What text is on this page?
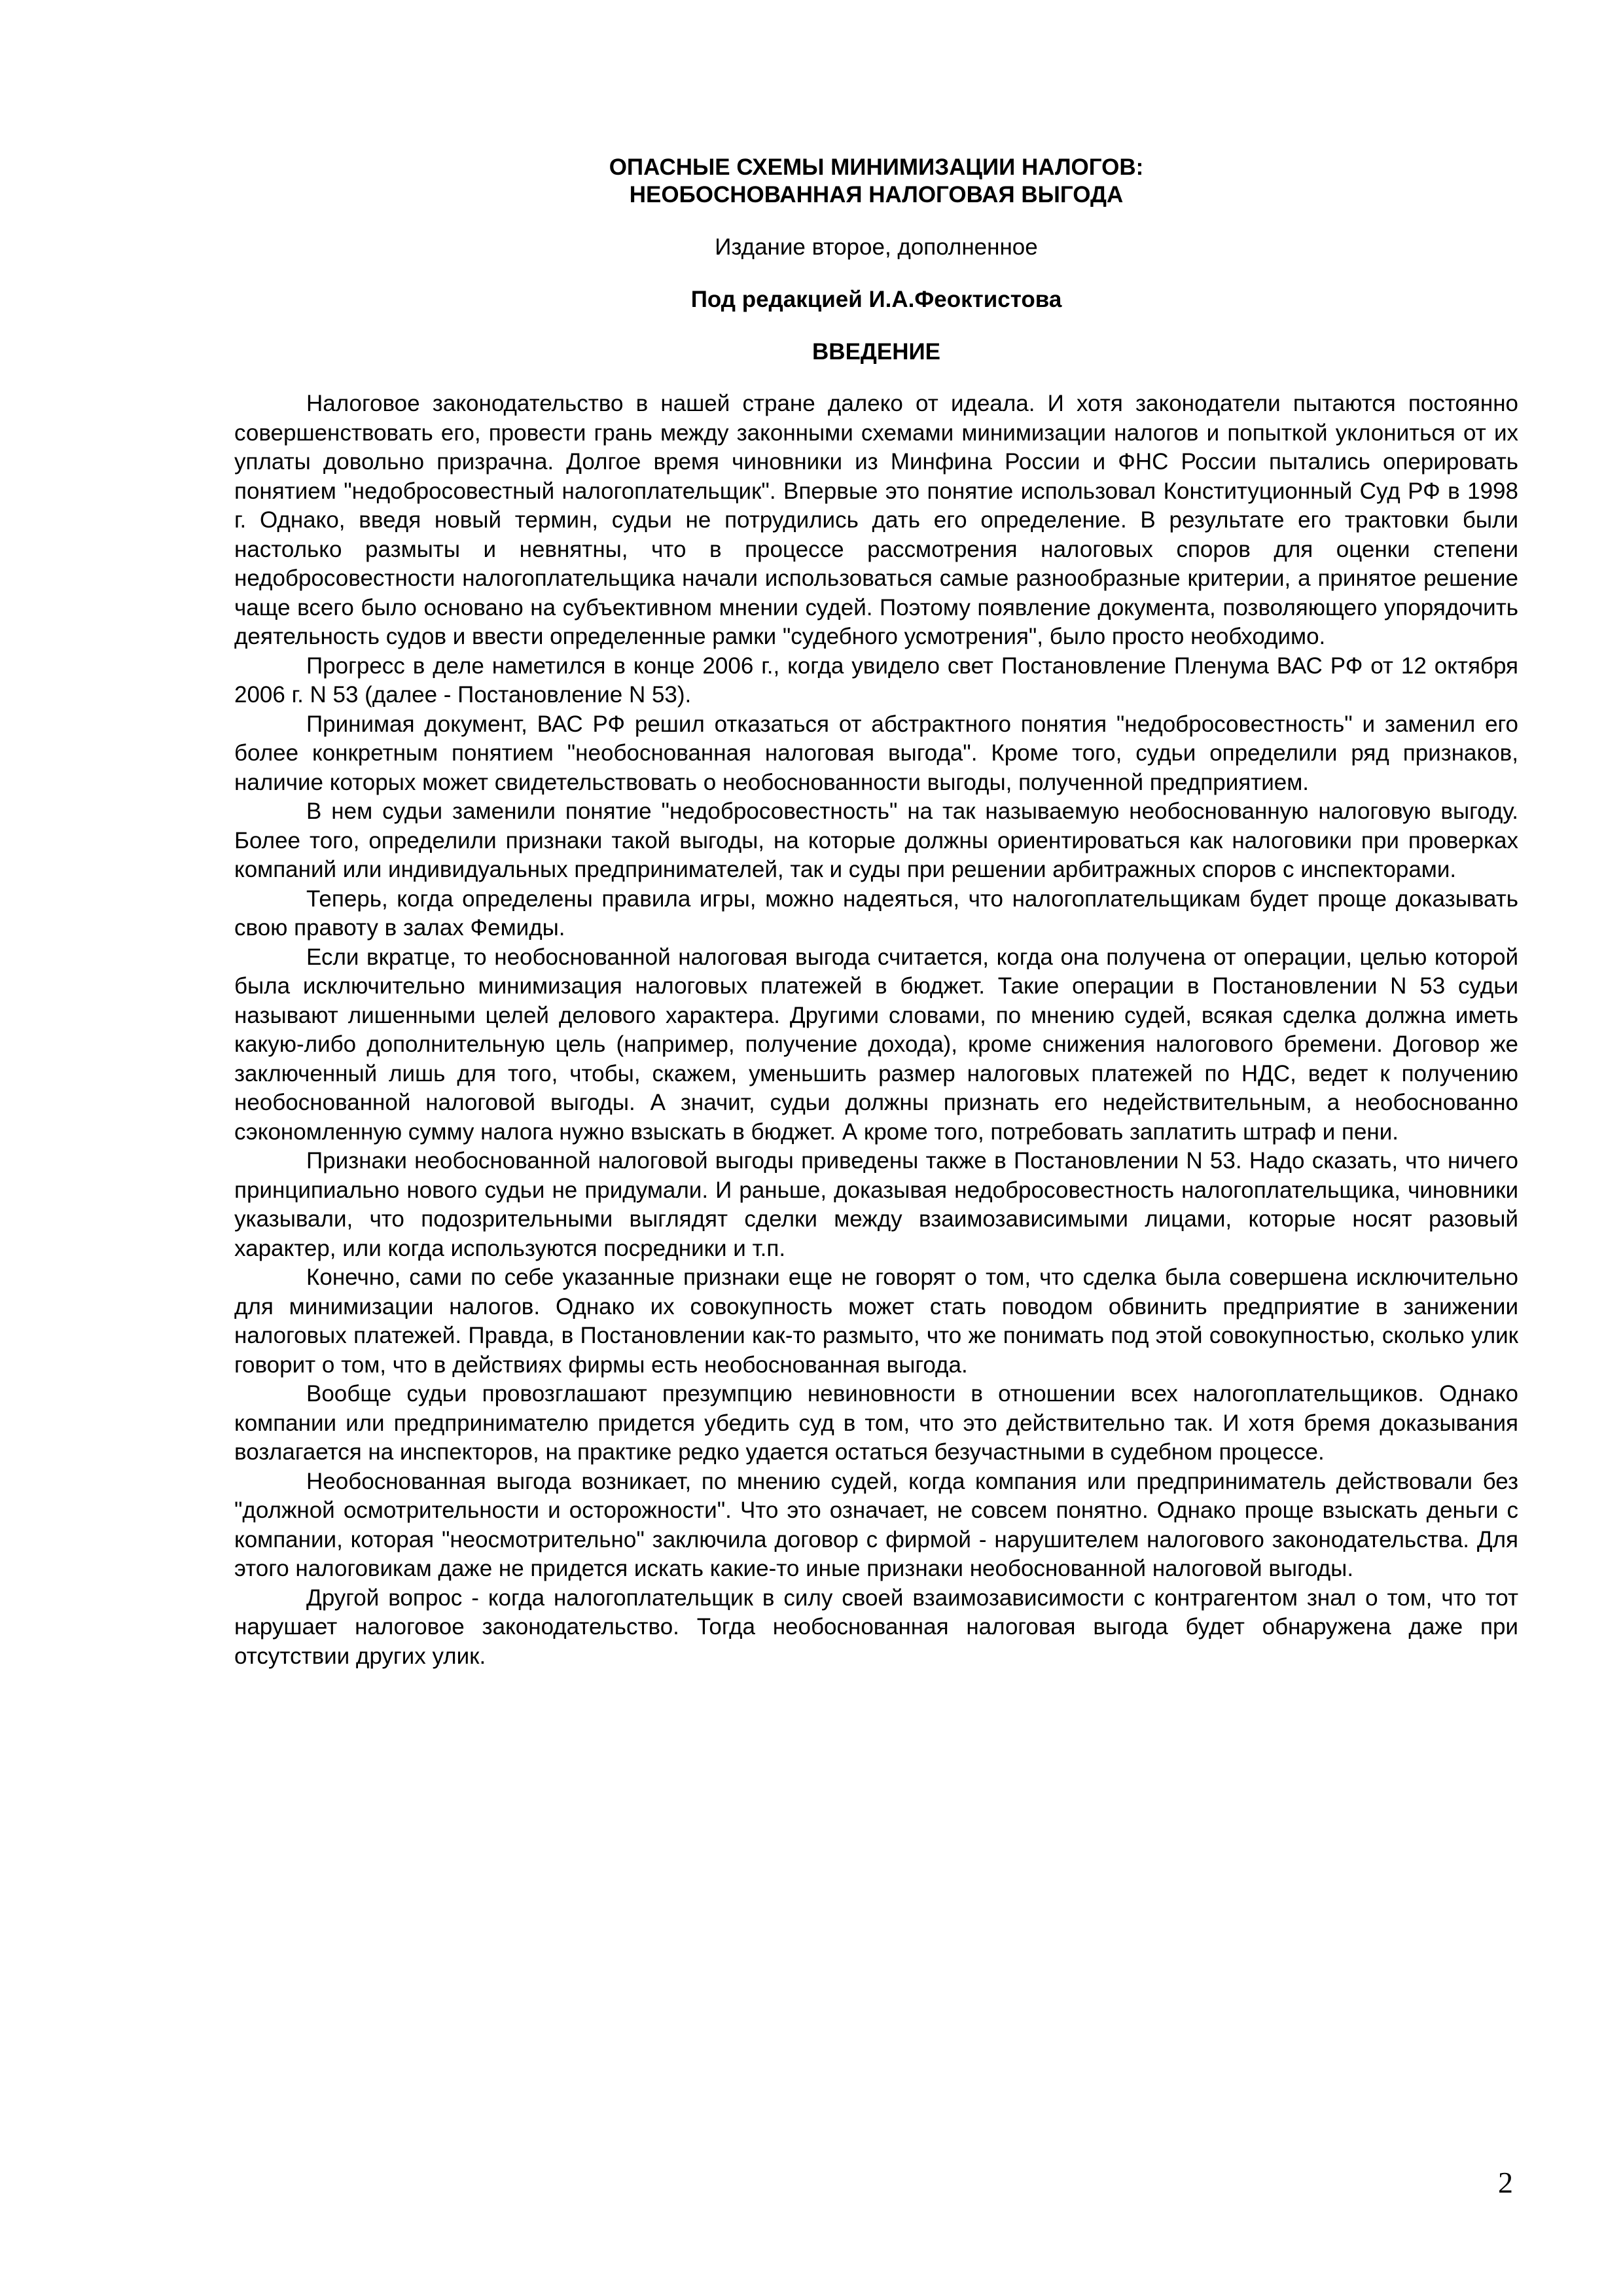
ОПАСНЫЕ СХЕМЫ МИНИМИЗАЦИИ НАЛОГОВ:

НЕОБОСНОВАННАЯ НАЛОГОВАЯ ВЫГОДА

Издание второе, дополненное

Под редакцией И.А.Феоктистова

ВВЕДЕНИЕ

Налоговое законодательство в нашей стране далеко от идеала. И хотя законодатели пытаются постоянно совершенствовать его, провести грань между законными схемами минимизации налогов и попыткой уклониться от их уплаты довольно призрачна. Долгое время чиновники из Минфина России и ФНС России пытались оперировать понятием "недобросовестный налогоплательщик". Впервые это понятие использовал Конституционный Суд РФ в 1998 г. Однако, введя новый термин, судьи не потрудились дать его определение. В результате его трактовки были настолько размыты и невнятны, что в процессе рассмотрения налоговых споров для оценки степени недобросовестности налогоплательщика начали использоваться самые разнообразные критерии, а принятое решение чаще всего было основано на субъективном мнении судей. Поэтому появление документа, позволяющего упорядочить деятельность судов и ввести определенные рамки "судебного усмотрения", было просто необходимо.

Прогресс в деле наметился в конце 2006 г., когда увидело свет Постановление Пленума ВАС РФ от 12 октября 2006 г. N 53 (далее - Постановление N 53).

Принимая документ, ВАС РФ решил отказаться от абстрактного понятия "недобросовестность" и заменил его более конкретным понятием "необоснованная налоговая выгода". Кроме того, судьи определили ряд признаков, наличие которых может свидетельствовать о необоснованности выгоды, полученной предприятием.

В нем судьи заменили понятие "недобросовестность" на так называемую необоснованную налоговую выгоду. Более того, определили признаки такой выгоды, на которые должны ориентироваться как налоговики при проверках компаний или индивидуальных предпринимателей, так и суды при решении арбитражных споров с инспекторами.

Теперь, когда определены правила игры, можно надеяться, что налогоплательщикам будет проще доказывать свою правоту в залах Фемиды.

Если вкратце, то необоснованной налоговая выгода считается, когда она получена от операции, целью которой была исключительно минимизация налоговых платежей в бюджет. Такие операции в Постановлении N 53 судьи называют лишенными целей делового характера. Другими словами, по мнению судей, всякая сделка должна иметь какую-либо дополнительную цель (например, получение дохода), кроме снижения налогового бремени. Договор же заключенный лишь для того, чтобы, скажем, уменьшить размер налоговых платежей по НДС, ведет к получению необоснованной налоговой выгоды. А значит, судьи должны признать его недействительным, а необоснованно сэкономленную сумму налога нужно взыскать в бюджет. А кроме того, потребовать заплатить штраф и пени.

Признаки необоснованной налоговой выгоды приведены также в Постановлении N 53. Надо сказать, что ничего принципиально нового судьи не придумали. И раньше, доказывая недобросовестность налогоплательщика, чиновники указывали, что подозрительными выглядят сделки между взаимозависимыми лицами, которые носят разовый характер, или когда используются посредники и т.п.

Конечно, сами по себе указанные признаки еще не говорят о том, что сделка была совершена исключительно для минимизации налогов. Однако их совокупность может стать поводом обвинить предприятие в занижении налоговых платежей. Правда, в Постановлении как-то размыто, что же понимать под этой совокупностью, сколько улик говорит о том, что в действиях фирмы есть необоснованная выгода.

Вообще судьи провозглашают презумпцию невиновности в отношении всех налогоплательщиков. Однако компании или предпринимателю придется убедить суд в том, что это действительно так. И хотя бремя доказывания возлагается на инспекторов, на практике редко удается остаться безучастными в судебном процессе.

Необоснованная выгода возникает, по мнению судей, когда компания или предприниматель действовали без "должной осмотрительности и осторожности". Что это означает, не совсем понятно. Однако проще взыскать деньги с компании, которая "неосмотрительно" заключила договор с фирмой - нарушителем налогового законодательства. Для этого налоговикам даже не придется искать какие-то иные признаки необоснованной налоговой выгоды.

Другой вопрос - когда налогоплательщик в силу своей взаимозависимости с контрагентом знал о том, что тот нарушает налоговое законодательство. Тогда необоснованная налоговая выгода будет обнаружена даже при отсутствии других улик.

2
